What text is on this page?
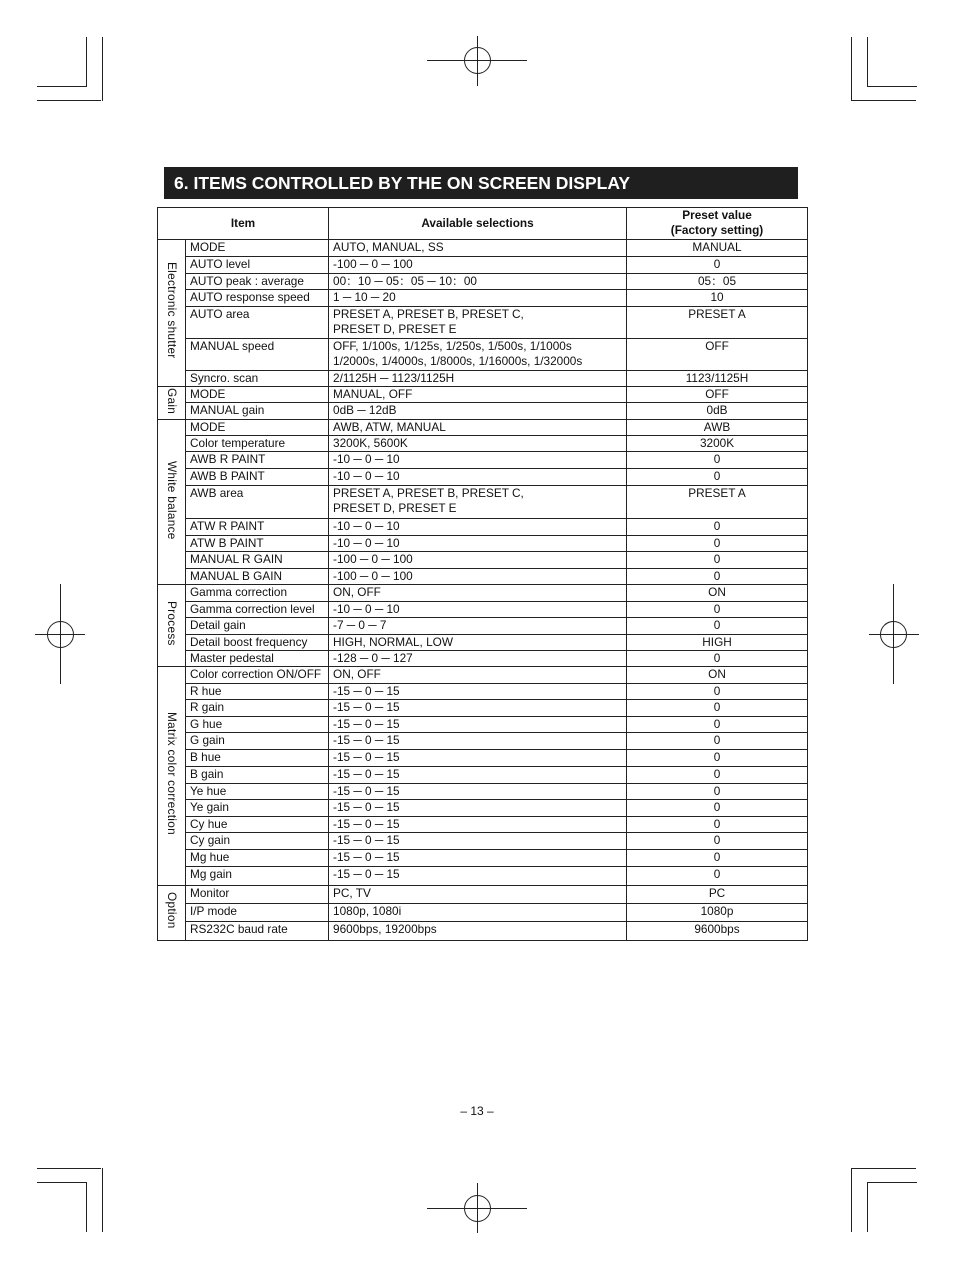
6. ITEMS CONTROLLED BY THE ON SCREEN DISPLAY
Item		Available selections	Preset value
(Factory setting)

Electronic shutter	MODE	AUTO, MANUAL, SS	MANUAL
	AUTO level	-100 ─ 0 ─ 100	0
	AUTO peak : average	00：10 ─ 05：05 ─ 10：00	05：05
	AUTO response speed	1 ─ 10 ─ 20	10
	AUTO area	PRESET A, PRESET B, PRESET C,
PRESET D, PRESET E	PRESET A
	MANUAL speed	OFF, 1/100s, 1/125s, 1/250s, 1/500s, 1/1000s
1/2000s, 1/4000s, 1/8000s, 1/16000s, 1/32000s	OFF
	Syncro. scan	2/1125H ─ 1123/1125H	1123/1125H
Gain	MODE	MANUAL, OFF	OFF
	MANUAL gain	0dB ─ 12dB	0dB
White balance	MODE	AWB, ATW, MANUAL	AWB
	Color temperature	3200K, 5600K	3200K
	AWB R PAINT	-10 ─ 0 ─ 10	0
	AWB B PAINT	-10 ─ 0 ─ 10	0
	AWB area	PRESET A, PRESET B, PRESET C,
PRESET D, PRESET E	PRESET A
	ATW R PAINT	-10 ─ 0 ─ 10	0
	ATW B PAINT	-10 ─ 0 ─ 10	0
	MANUAL R GAIN	-100 ─ 0 ─ 100	0
	MANUAL B GAIN	-100 ─ 0 ─ 100	0
Process	Gamma correction	ON, OFF	ON
	Gamma correction level	-10 ─ 0 ─ 10	0
	Detail gain	-7 ─ 0 ─ 7	0
	Detail boost frequency	HIGH, NORMAL, LOW	HIGH
	Master pedestal	-128 ─ 0 ─ 127	0
Matrix color correction	Color correction ON/OFF	ON, OFF	ON
	R hue	-15 ─ 0 ─ 15	0
	R gain	-15 ─ 0 ─ 15	0
	G hue	-15 ─ 0 ─ 15	0
	G gain	-15 ─ 0 ─ 15	0
	B hue	-15 ─ 0 ─ 15	0
	B gain	-15 ─ 0 ─ 15	0
	Ye hue	-15 ─ 0 ─ 15	0
	Ye gain	-15 ─ 0 ─ 15	0
	Cy hue	-15 ─ 0 ─ 15	0
	Cy gain	-15 ─ 0 ─ 15	0
	Mg hue	-15 ─ 0 ─ 15	0
	Mg gain	-15 ─ 0 ─ 15	0
Option	Monitor	PC, TV	PC
	I/P mode	1080p, 1080i	1080p
	RS232C baud rate	9600bps, 19200bps	9600bps
– 13 –
